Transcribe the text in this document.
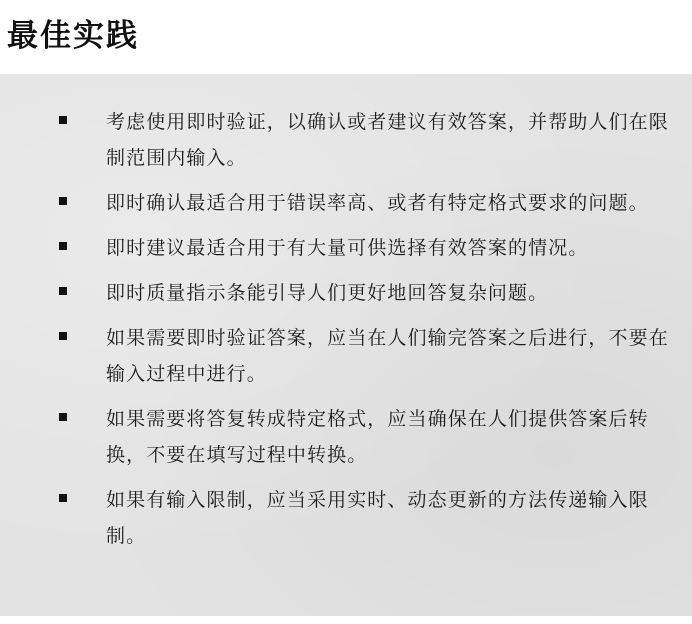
最佳实践
考虑使用即时验证，以确认或者建议有效答案，并帮助人们在限制范围内输入。
即时确认最适合用于错误率高、或者有特定格式要求的问题。
即时建议最适合用于有大量可供选择有效答案的情况。
即时质量指示条能引导人们更好地回答复杂问题。
如果需要即时验证答案，应当在人们输完答案之后进行，不要在输入过程中进行。
如果需要将答复转成特定格式，应当确保在人们提供答案后转换，不要在填写过程中转换。
如果有输入限制，应当采用实时、动态更新的方法传递输入限制。
